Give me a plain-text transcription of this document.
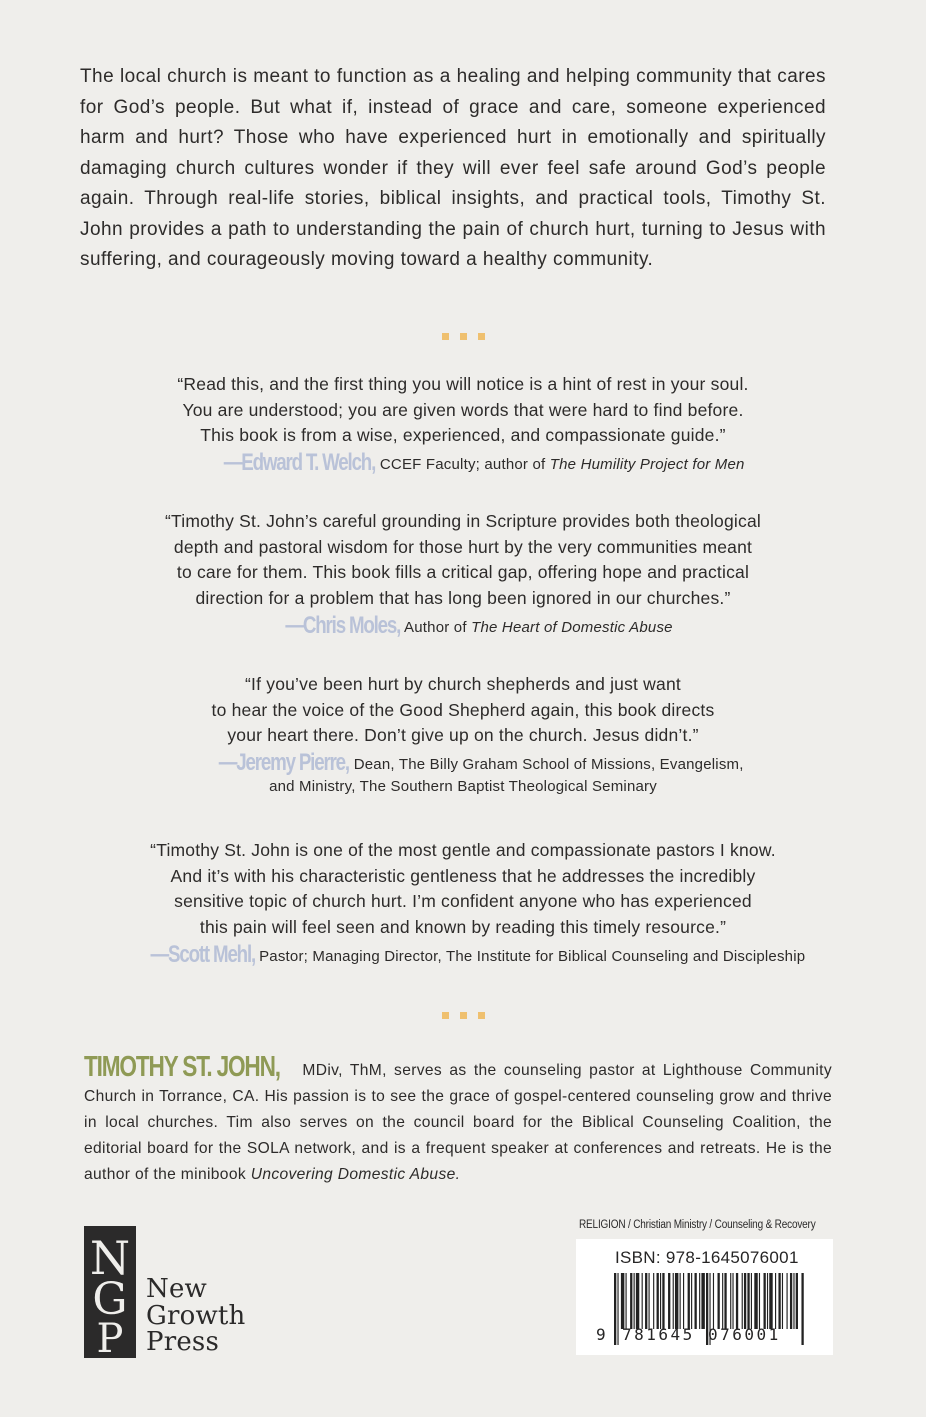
The local church is meant to function as a healing and helping community that cares for God’s people. But what if, instead of grace and care, someone experienced harm and hurt? Those who have experienced hurt in emotionally and spiritually damaging church cultures wonder if they will ever feel safe around God’s people again. Through real-life stories, biblical insights, and practical tools, Timothy St. John provides a path to understanding the pain of church hurt, turning to Jesus with suffering, and courageously moving toward a healthy community.

“Read this, and the first thing you will notice is a hint of rest in your soul.

You are understood; you are given words that were hard to find before.

This book is from a wise, experienced, and compassionate guide.”

—Edward T. Welch, CCEF Faculty; author of The Humility Project for Men

“Timothy St. John’s careful grounding in Scripture provides both theological

depth and pastoral wisdom for those hurt by the very communities meant

to care for them. This book fills a critical gap, offering hope and practical

direction for a problem that has long been ignored in our churches.”

—Chris Moles, Author of The Heart of Domestic Abuse

“If you’ve been hurt by church shepherds and just want

to hear the voice of the Good Shepherd again, this book directs

your heart there. Don’t give up on the church. Jesus didn’t.”

—Jeremy Pierre, Dean, The Billy Graham School of Missions, Evangelism,
and Ministry, The Southern Baptist Theological Seminary

“Timothy St. John is one of the most gentle and compassionate pastors I know.

And it’s with his characteristic gentleness that he addresses the incredibly

sensitive topic of church hurt. I’m confident anyone who has experienced

this pain will feel seen and known by reading this timely resource.”

—Scott Mehl, Pastor; Managing Director, The Institute for Biblical Counseling and Discipleship

TIMOTHY ST. JOHN, MDiv, ThM, serves as the counseling pastor at Lighthouse Community Church in Torrance, CA. His passion is to see the grace of gospel-centered counseling grow and thrive in local churches. Tim also serves on the council board for the Biblical Counseling Coalition, the editorial board for the SOLA network, and is a frequent speaker at conferences and retreats. He is the author of the minibook Uncovering Domestic Abuse.

N
G
P
New
Growth
Press
RELIGION / Christian Ministry / Counseling & Recovery
ISBN: 978-1645076001
9 781645 076001
